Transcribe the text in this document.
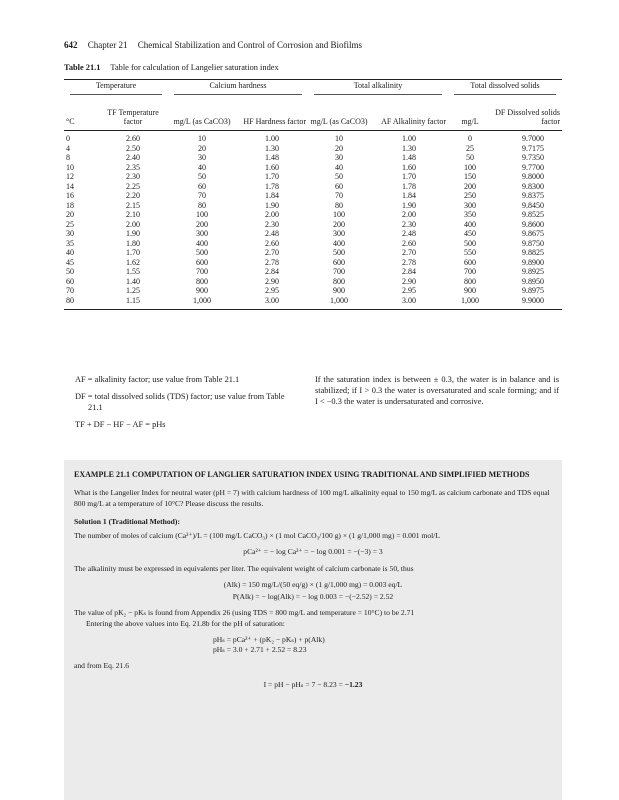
642 Chapter 21 Chemical Stabilization and Control of Corrosion and Biofilms
Table 21.1 Table for calculation of Langelier saturation index
Temperature		Calcium hardness		Total alkalinity		Total dissolved solids	

°C	TF Temperature factor	mg/L (as CaCO3)	HF Hardness factor	mg/L (as CaCO3)	AF Alkalinity factor	mg/L	DF Dissolved solids factor
0	2.60	10	1.00	10	1.00	0	9.7000
4	2.50	20	1.30	20	1.30	25	9.7175
8	2.40	30	1.48	30	1.48	50	9.7350
10	2.35	40	1.60	40	1.60	100	9.7700
12	2.30	50	1.70	50	1.70	150	9.8000
14	2.25	60	1.78	60	1.78	200	9.8300
16	2.20	70	1.84	70	1.84	250	9.8375
18	2.15	80	1.90	80	1.90	300	9.8450
20	2.10	100	2.00	100	2.00	350	9.8525
25	2.00	200	2.30	200	2.30	400	9.8600
30	1.90	300	2.48	300	2.48	450	9.8675
35	1.80	400	2.60	400	2.60	500	9.8750
40	1.70	500	2.70	500	2.70	550	9.8825
45	1.62	600	2.78	600	2.78	600	9.8900
50	1.55	700	2.84	700	2.84	700	9.8925
60	1.40	800	2.90	800	2.90	800	9.8950
70	1.25	900	2.95	900	2.95	900	9.8975
80	1.15	1,000	3.00	1,000	3.00	1,000	9.9000

AF = alkalinity factor; use value from Table 21.1

DF = total dissolved solids (TDS) factor; use value from Table 21.1

TF + DF − HF − AF = pHs

If the saturation index is between ± 0.3, the water is in balance and is stabilized; if I > 0.3 the water is oversaturated and scale forming; and if I < −0.3 the water is undersaturated and corrosive.

EXAMPLE 21.1 COMPUTATION OF LANGLIER SATURATION INDEX USING TRADITIONAL AND SIMPLIFIED METHODS

What is the Langelier Index for neutral water (pH = 7) with calcium hardness of 100 mg/L alkalinity equal to 150 mg/L as calcium carbonate and TDS equal 800 mg/L at a temperature of 10°C? Please discuss the results.

Solution 1 (Traditional Method):

The number of moles of calcium (Ca²⁺)/L = (100 mg/L CaCO₃) × (1 mol CaCO₃/100 g) × (1 g/1,000 mg) = 0.001 mol/L

pCa²⁺ = − log Ca²⁺ = − log 0.001 = −(−3) = 3

The alkalinity must be expressed in equivalents per liter. The equivalent weight of calcium carbonate is 50, thus

(Alk) = 150 mg/L/(50 eq/g) × (1 g/1,000 mg) = 0.003 eq/L
P(Alk) = − log(Alk) = − log 0.003 = −(−2.52) = 2.52

The value of pK₂ − pKₛ is found from Appendix 26 (using TDS = 800 mg/L and temperature = 10°C) to be 2.71

Entering the above values into Eq. 21.8b for the pH of saturation:

pHₛ = pCa²⁺ + (pK₂ − pKₛ) + p(Alk)
pHₛ = 3.0 + 2.71 + 2.52 = 8.23

and from Eq. 21.6

I = pH − pHₛ = 7 − 8.23 = −1.23
